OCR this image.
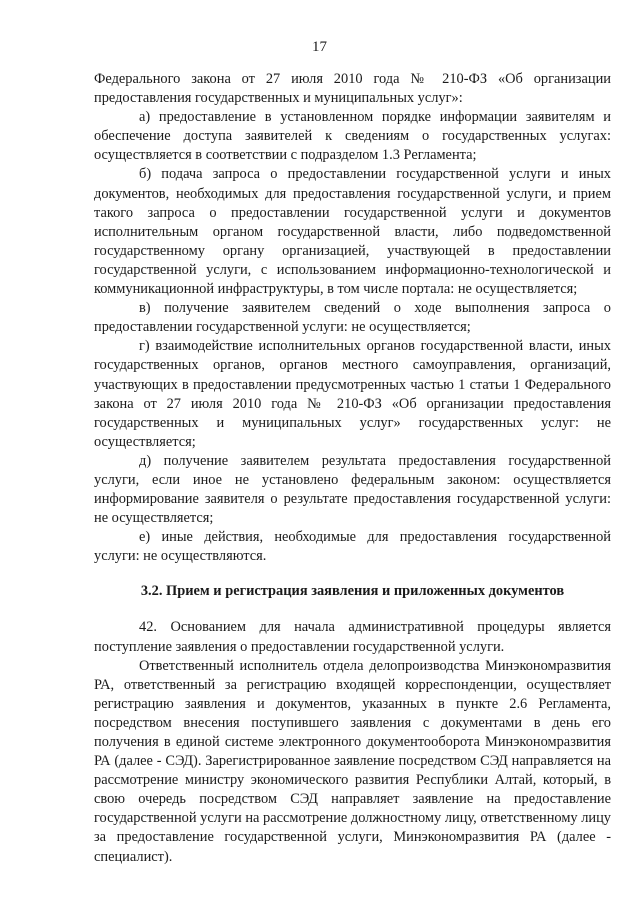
17

Федерального закона от 27 июля 2010 года № 210-ФЗ «Об организации предоставления государственных и муниципальных услуг»:

а) предоставление в установленном порядке информации заявителям и обеспечение доступа заявителей к сведениям о государственных услугах: осуществляется в соответствии с подразделом 1.3 Регламента;

б) подача запроса о предоставлении государственной услуги и иных документов, необходимых для предоставления государственной услуги, и прием такого запроса о предоставлении государственной услуги и документов исполнительным органом государственной власти, либо подведомственной государственному органу организацией, участвующей в предоставлении государственной услуги, с использованием информационно-технологической и коммуникационной инфраструктуры, в том числе портала: не осуществляется;

в) получение заявителем сведений о ходе выполнения запроса о предоставлении государственной услуги: не осуществляется;

г) взаимодействие исполнительных органов государственной власти, иных государственных органов, органов местного самоуправления, организаций, участвующих в предоставлении предусмотренных частью 1 статьи 1 Федерального закона от 27 июля 2010 года № 210-ФЗ «Об организации предоставления государственных и муниципальных услуг» государственных услуг: не осуществляется;

д) получение заявителем результата предоставления государственной услуги, если иное не установлено федеральным законом: осуществляется информирование заявителя о результате предоставления государственной услуги: не осуществляется;

е) иные действия, необходимые для предоставления государственной услуги: не осуществляются.

3.2. Прием и регистрация заявления и приложенных документов

42. Основанием для начала административной процедуры является поступление заявления о предоставлении государственной услуги.

Ответственный исполнитель отдела делопроизводства Минэкономразвития РА, ответственный за регистрацию входящей корреспонденции, осуществляет регистрацию заявления и документов, указанных в пункте 2.6 Регламента, посредством внесения поступившего заявления с документами в день его получения в единой системе электронного документооборота Минэкономразвития РА (далее - СЭД). Зарегистрированное заявление посредством СЭД направляется на рассмотрение министру экономического развития Республики Алтай, который, в свою очередь посредством СЭД направляет заявление на предоставление государственной услуги на рассмотрение должностному лицу, ответственному лицу за предоставление государственной услуги, Минэкономразвития РА (далее - специалист).
